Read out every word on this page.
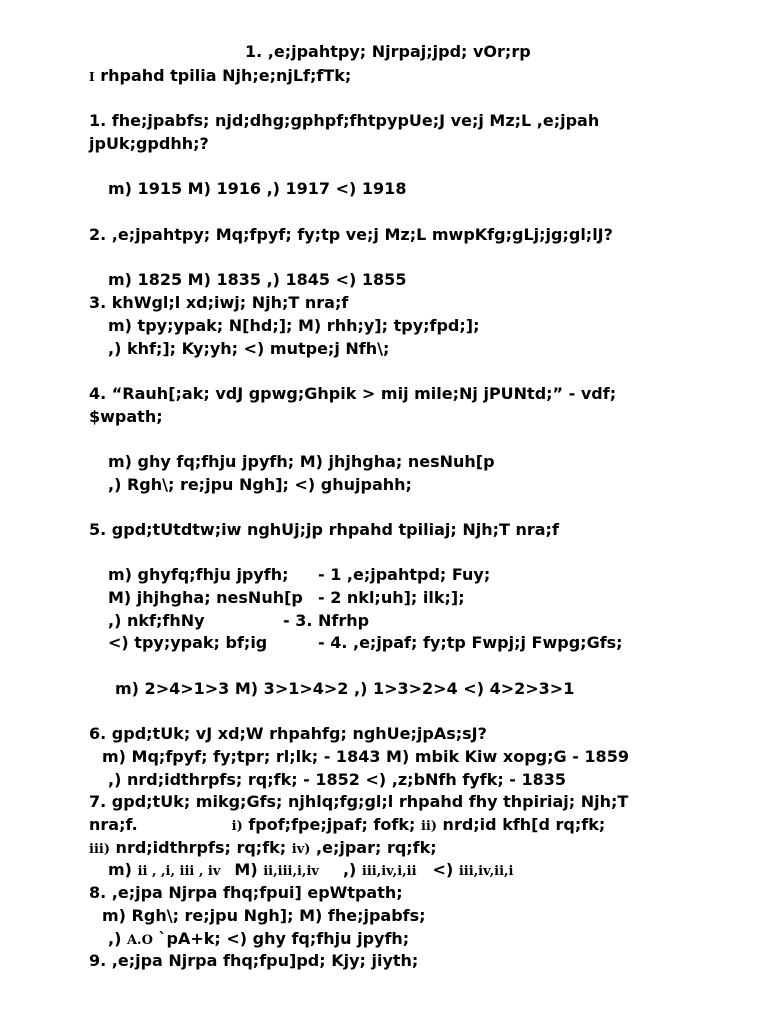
1. ,e;jpahtpy; Njrpaj;jpd; vOr;rp
I rhpahd tpilia Njh;e;njLf;fTk;
1. fhe;jpabfs; njd;dhg;gphpf;fhtpypUe;J ve;j Mz;L ,e;jpah
jpUk;gpdhh;?
m) 1915 M) 1916 ,) 1917 <) 1918
2. ,e;jpahtpy; Mq;fpyf; fy;tp ve;j Mz;L mwpKfg;gLj;jg;gl;lJ?
m) 1825 M) 1835 ,) 1845 <) 1855
3. khWgl;l xd;iwj; Njh;T nra;f
m) tpy;ypak; N[hd;]; M) rhh;y]; tpy;fpd;];
,) khf;]; Ky;yh; <) mutpe;j Nfh\;
4. “Rauh[;ak; vdJ gpwg;Ghpik > mij mile;Nj jPUNtd;” - vdf;
$wpath;
m) ghy fq;fhju jpyfh; M) jhjhgha; nesNuh[p
,) Rgh\; re;jpu Ngh]; <) ghujpahh;
5. gpd;tUtdtw;iw nghUj;jp rhpahd tpiliaj; Njh;T nra;f
m) ghyfq;fhju jpyfh; - 1 ,e;jpahtpd; Fuy;
M) jhjhgha; nesNuh[p - 2 nkl;uh]; ilk;];
,) nkf;fhNy	- 3. Nfrhp
<) tpy;ypak; bf;ig	- 4. ,e;jpaf; fy;tp Fwpj;j Fwpg;Gfs;
m) 2>4>1>3 M) 3>1>4>2 ,) 1>3>2>4 <) 4>2>3>1
6. gpd;tUk; vJ xd;W rhpahfg; nghUe;jpAs;sJ?
m) Mq;fpyf; fy;tpr; rl;lk; - 1843 M) mbik Kiw xopg;G - 1859
,) nrd;idthrpfs; rq;fk; - 1852 <) ,z;bNfh fyfk; - 1835
7. gpd;tUk; mikg;Gfs; njhlq;fg;gl;l rhpahd fhy thpiriaj; Njh;T
nra;f.	i) fpof;fpe;jpaf; fofk; ii) nrd;id kfh[d rq;fk;
iii) nrd;idthrpfs; rq;fk; iv) ,e;jpar; rq;fk;
m) ii , ,i, iii , iv M) ii,iii,i,iv ,) iii,iv,i,ii <) iii,iv,ii,i
8. ,e;jpa Njrpa fhq;fpui] epWtpath;
m) Rgh\; re;jpu Ngh]; M) fhe;jpabfs;
,) A.O `pA+k; <) ghy fq;fhju jpyfh;
9. ,e;jpa Njrpa fhq;fpu]pd; Kjy; jiyth;
